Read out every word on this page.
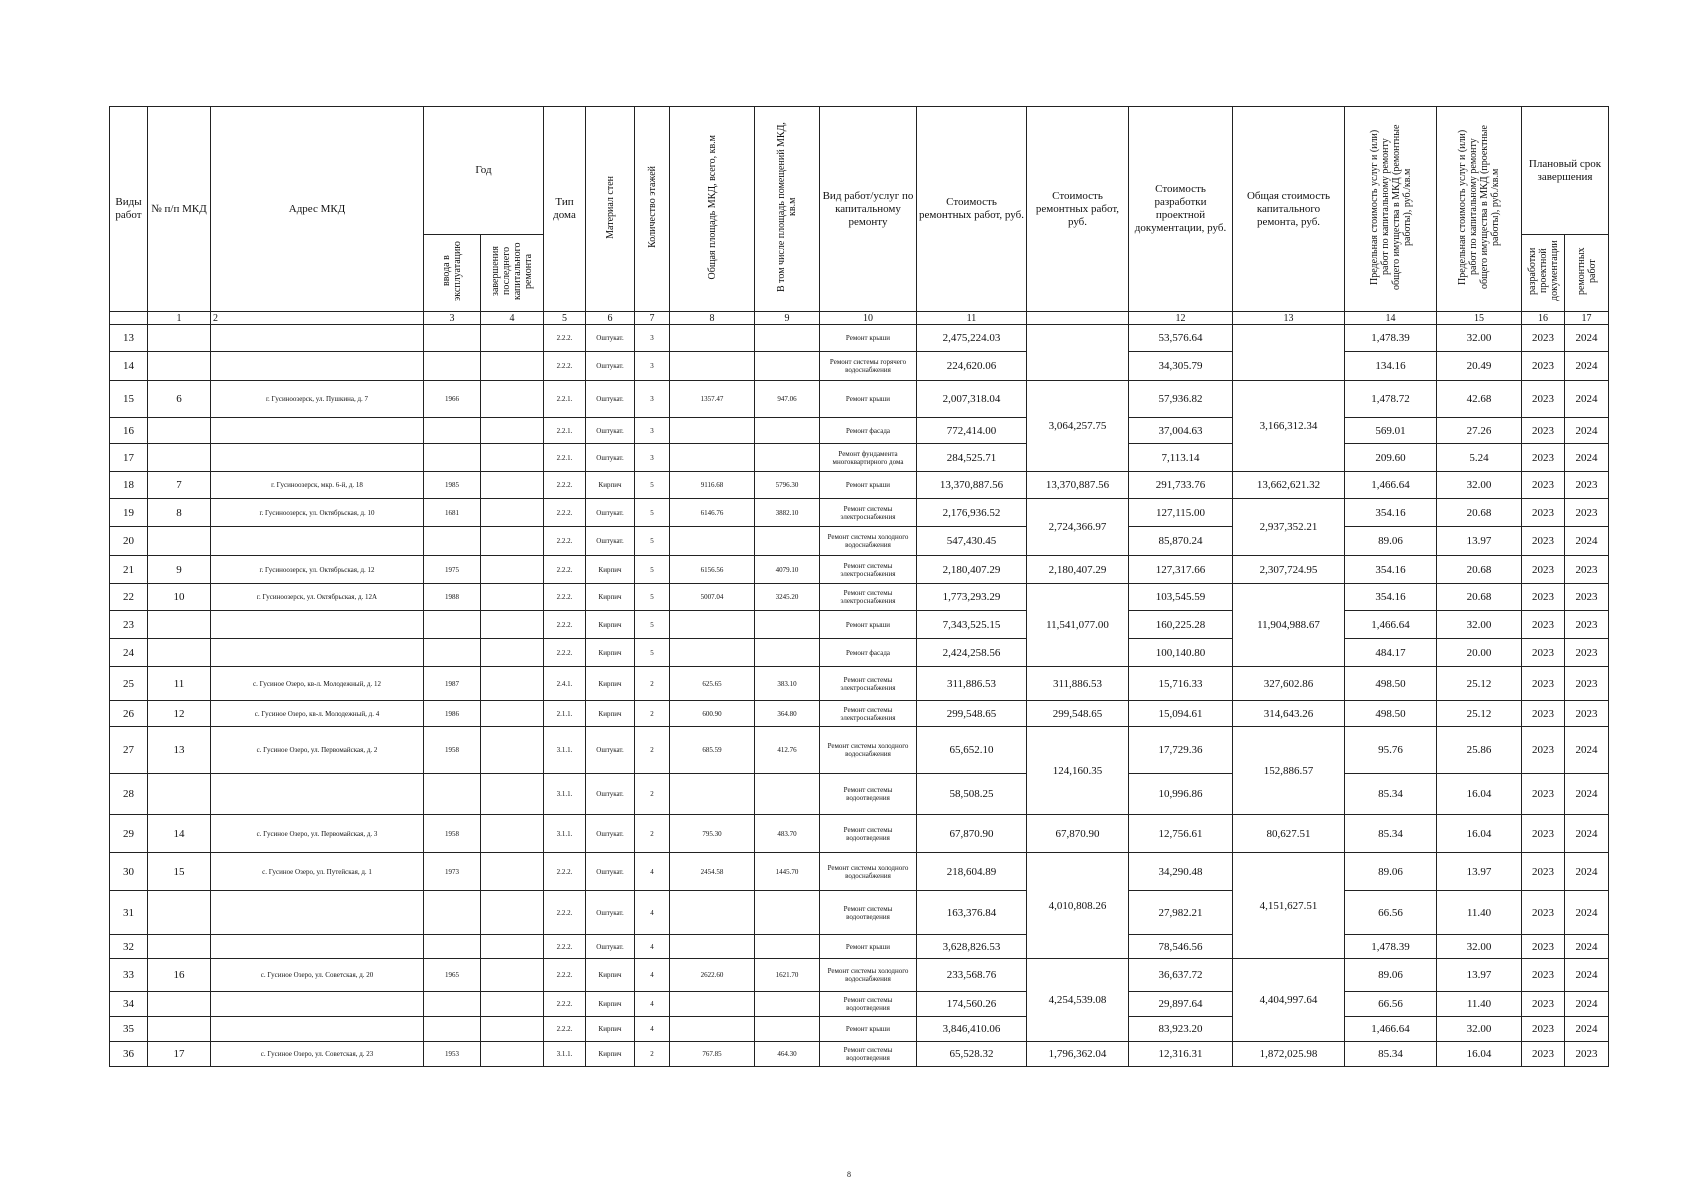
Виды работ	№ п/п МКД	Адрес МКД	Год		Тип дома	Материал стен	Количество этажей	Общая площадь МКД, всего, кв.м	В том числе площадь помещений МКД, кв.м	Вид работ/услуг по капитальному ремонту	Стоимость ремонтных работ, руб.	Стоимость ремонтных работ, руб.	Стоимость разработки проектной документации, руб.	Общая стоимость капитального ремонта, руб.	Предельная стоимость услуг и (или) работ по капитальному ремонту общего имущества в МКД (ремонтные работы), руб./кв.м	Предельная стоимость услуг и (или) работ по капитальному ремонту общего имущества в МКД (проектные работы), руб./кв.м	Плановый срок завершения	
			ввода в эксплуатацию	завершения последнего капитального ремонта													разработки проектной документации	ремонтных работ
	1	2	3	4	5	6	7	8	9	10	11		12	13	14	15	16	17
13					2.2.2.	Оштукат.	3			Ремонт крыши	2,475,224.03		53,576.64		1,478.39	32.00	2023	2024
14					2.2.2.	Оштукат.	3			Ремонт системы горячего водоснабжения	224,620.06		34,305.79		134.16	20.49	2023	2024
15	6	г. Гусиноозерск, ул. Пушкина, д. 7	1966		2.2.1.	Оштукат.	3	1357.47	947.06	Ремонт крыши	2,007,318.04	3,064,257.75	57,936.82	3,166,312.34	1,478.72	42.68	2023	2024
16					2.2.1.	Оштукат.	3			Ремонт фасада	772,414.00		37,004.63		569.01	27.26	2023	2024
17					2.2.1.	Оштукат.	3			Ремонт фундамента многоквартирного дома	284,525.71		7,113.14		209.60	5.24	2023	2024
18	7	г. Гусиноозерск, мкр. 6-й, д. 18	1985		2.2.2.	Кирпич	5	9116.68	5796.30	Ремонт крыши	13,370,887.56	13,370,887.56	291,733.76	13,662,621.32	1,466.64	32.00	2023	2023
19	8	г. Гусиноозерск, ул. Октябрьская, д. 10	1681		2.2.2.	Оштукат.	5	6146.76	3882.10	Ремонт системы электроснабжения	2,176,936.52	2,724,366.97	127,115.00	2,937,352.21	354.16	20.68	2023	2023
20					2.2.2.	Оштукат.	5			Ремонт системы холодного водоснабжения	547,430.45		85,870.24		89.06	13.97	2023	2024
21	9	г. Гусиноозерск, ул. Октябрьская, д. 12	1975		2.2.2.	Кирпич	5	6156.56	4079.10	Ремонт системы электроснабжения	2,180,407.29	2,180,407.29	127,317.66	2,307,724.95	354.16	20.68	2023	2023
22	10	г. Гусиноозерск, ул. Октябрьская, д. 12А	1988		2.2.2.	Кирпич	5	5007.04	3245.20	Ремонт системы электроснабжения	1,773,293.29	11,541,077.00	103,545.59	11,904,988.67	354.16	20.68	2023	2023
23					2.2.2.	Кирпич	5			Ремонт крыши	7,343,525.15		160,225.28		1,466.64	32.00	2023	2023
24					2.2.2.	Кирпич	5			Ремонт фасада	2,424,258.56		100,140.80		484.17	20.00	2023	2023
25	11	с. Гусиное Озеро, кв-л. Молодежный, д. 12	1987		2.4.1.	Кирпич	2	625.65	383.10	Ремонт системы электроснабжения	311,886.53	311,886.53	15,716.33	327,602.86	498.50	25.12	2023	2023
26	12	с. Гусиное Озеро, кв-л. Молодежный, д. 4	1986		2.1.1.	Кирпич	2	600.90	364.80	Ремонт системы электроснабжения	299,548.65	299,548.65	15,094.61	314,643.26	498.50	25.12	2023	2023
27	13	с. Гусиное Озеро, ул. Первомайская, д. 2	1958		3.1.1.	Оштукат.	2	685.59	412.76	Ремонт системы холодного водоснабжения	65,652.10	124,160.35	17,729.36	152,886.57	95.76	25.86	2023	2024
28					3.1.1.	Оштукат.	2			Ремонт системы водоотведения	58,508.25		10,996.86		85.34	16.04	2023	2024
29	14	с. Гусиное Озеро, ул. Первомайская, д. 3	1958		3.1.1.	Оштукат.	2	795.30	483.70	Ремонт системы водоотведения	67,870.90	67,870.90	12,756.61	80,627.51	85.34	16.04	2023	2024
30	15	с. Гусиное Озеро, ул. Путейская, д. 1	1973		2.2.2.	Оштукат.	4	2454.58	1445.70	Ремонт системы холодного водоснабжения	218,604.89	4,010,808.26	34,290.48	4,151,627.51	89.06	13.97	2023	2024
31					2.2.2.	Оштукат.	4			Ремонт системы водоотведения	163,376.84		27,982.21		66.56	11.40	2023	2024
32					2.2.2.	Оштукат.	4			Ремонт крыши	3,628,826.53		78,546.56		1,478.39	32.00	2023	2024
33	16	с. Гусиное Озеро, ул. Советская, д. 20	1965		2.2.2.	Кирпич	4	2622.60	1621.70	Ремонт системы холодного водоснабжения	233,568.76	4,254,539.08	36,637.72	4,404,997.64	89.06	13.97	2023	2024
34					2.2.2.	Кирпич	4			Ремонт системы водоотведения	174,560.26		29,897.64		66.56	11.40	2023	2024
35					2.2.2.	Кирпич	4			Ремонт крыши	3,846,410.06		83,923.20		1,466.64	32.00	2023	2024
36	17	с. Гусиное Озеро, ул. Советская, д. 23	1953		3.1.1.	Кирпич	2	767.85	464.30	Ремонт системы водоотведения	65,528.32	1,796,362.04	12,316.31	1,872,025.98	85.34	16.04	2023	2023
8
